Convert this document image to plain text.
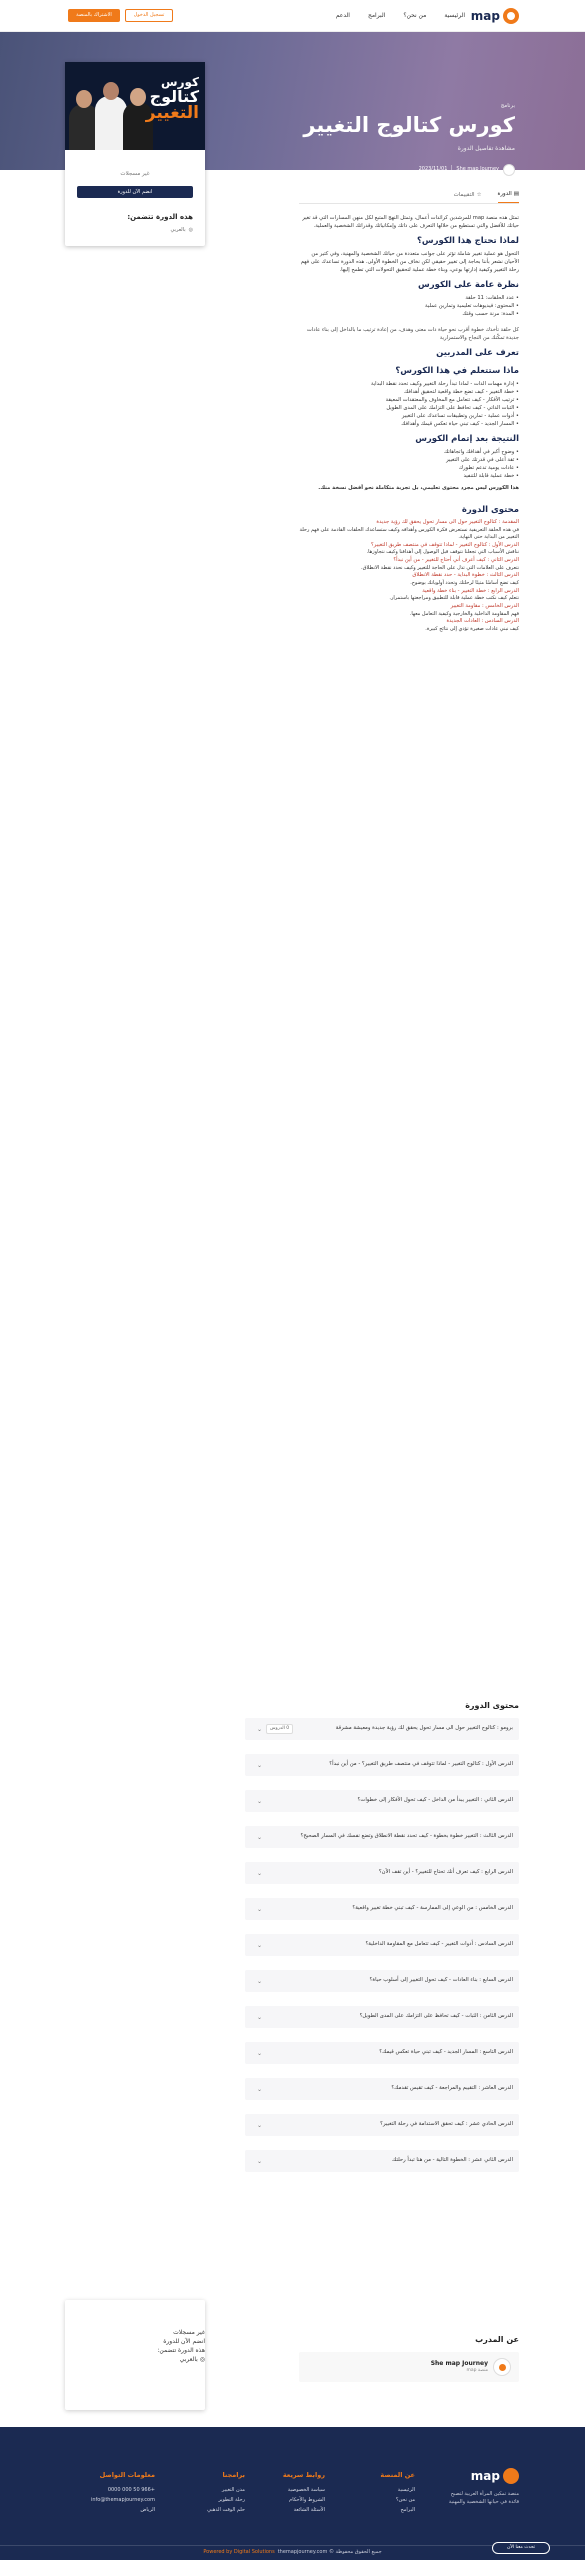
map
الرئيسية
من نحن؟
البرامج
الدعم
تسجيل الدخول
الاشتراك بالمنصة
برنامج
كورس كتالوج التغيير
مشاهدة تفاصيل الدورة
She map Journey
2023/11/01
كورس
كتالوج
التغيير
غير مسجلات
انضم الآن للدورة
هذه الدورة تتضمن:
◎
بالعربي
▤
الدورة
☆
التقييمات

تمثل هذه منصة map للمرشدين كرائدات أعمال، وتمثل النهج المتبع لكل منهن المسارات التي قد تغير حياتك للأفضل والتي تستطيع من خلالها التعرف على ذاتك وإمكانياتك وقدراتك الشخصية والعملية.

لماذا تحتاج هذا الكورس؟

التحول هو عملية تغيير شاملة تؤثر على جوانب متعددة من حياتك الشخصية والمهنية، وفي كثير من الأحيان نشعر بأننا بحاجة إلى تغيير حقيقي لكن نخاف من الخطوة الأولى. هذه الدورة تساعدك على فهم رحلة التغيير وكيفية إدارتها بوعي، وبناء خطة عملية لتحقيق التحولات التي تطمح إليها.

نظرة عامة على الكورس
• عدد الحلقات: 11 حلقة
• المحتوى: فيديوهات تعليمية وتمارين عملية
• المدة: مرنة حسب وقتك

كل حلقة تأخذك خطوة أقرب نحو حياة ذات معنى وهدف، من إعادة ترتيب ما بالداخل إلى بناء عادات جديدة تمكّنك من النجاح والاستمرارية

تعرف على المدربين
ماذا ستتعلم في هذا الكورس؟
• إدارة مهمات الذات - لماذا تبدأ رحلة التغيير وكيف تحدد نقطة البداية
• خطة التغيير - كيف تضع خطة واقعية لتحقيق أهدافك
• ترتيب الأفكار - كيف تتعامل مع المخاوف والمعتقدات المعيقة
• الثبات الذاتي - كيف تحافظ على التزامك على المدى الطويل
• أدوات عملية - تمارين وتطبيقات تساعدك على التغيير
• المسار الجديد - كيف تبني حياة تعكس قيمك وأهدافك
النتيجة بعد إتمام الكورس
• وضوح أكبر في أهدافك واتجاهاتك
• ثقة أعلى في قدرتك على التغيير
• عادات يومية تدعم تطورك
• خطة عملية قابلة للتنفيذ

هذا الكورس ليس مجرد محتوى تعليمي، بل تجربة متكاملة نحو أفضل نسخة منك.

محتوى الدورة
المقدمة : كتالوج التغيير حول الى مسار تحول يحقق لك رؤية جديدة
في هذه الحلقة التعريفية نستعرض فكرة الكورس وأهدافه وكيف ستساعدك الحلقات القادمة على فهم رحلة التغيير من البداية حتى النهاية.
الدرس الأول : كتالوج التغيير - لماذا تتوقف في منتصف طريق التغيير؟
نناقش الأسباب التي تجعلنا نتوقف قبل الوصول إلى أهدافنا وكيف نتجاوزها.
الدرس الثاني : كيف أعرف أني أحتاج للتغيير - من أين نبدأ؟
نتعرف على العلامات التي تدل على الحاجة للتغيير وكيف نحدد نقطة الانطلاق.
الدرس الثالث : خطوة البداية - حدد نقطة الانطلاق
كيف تضع أساسًا متينًا لرحلتك وتحدد أولوياتك بوضوح.
الدرس الرابع : خطة التغيير - بناء خطة واقعية
نتعلم كيف نكتب خطة عملية قابلة للتطبيق ومراجعتها باستمرار.
الدرس الخامس : مقاومة التغيير
فهم المقاومة الداخلية والخارجية وكيفية التعامل معها.
الدرس السادس : العادات الجديدة
كيف نبني عادات صغيرة تؤدي إلى نتائج كبيرة.
محتوى الدورة
برومو : كتالوج التغيير حول الى مسار تحول يحقق لك رؤية جديدة ومعيشة مشرقة
0 الدروس
⌄
الدرس الأول : كتالوج التغيير - لماذا تتوقف في منتصف طريق التغيير؟ - من أين نبدأ؟
⌄
الدرس الثاني : التغيير يبدأ من الداخل - كيف تحول الأفكار إلى خطوات؟
⌄
الدرس الثالث : التغيير خطوة بخطوة - كيف تحدد نقطة الانطلاق وتضع نفسك في المسار الصحيح؟
⌄
الدرس الرابع : كيف تعرف أنك تحتاج للتغيير؟ - أين تقف الآن؟
⌄
الدرس الخامس : من الوعي إلى الممارسة - كيف تبني خطة تغيير واقعية؟
⌄
الدرس السادس : أدوات التغيير - كيف تتعامل مع المقاومة الداخلية؟
⌄
الدرس السابع : بناء العادات - كيف تحول التغيير إلى أسلوب حياة؟
⌄
الدرس الثامن : الثبات - كيف تحافظ على التزامك على المدى الطويل؟
⌄
الدرس التاسع : المسار الجديد - كيف تبني حياة تعكس قيمك؟
⌄
الدرس العاشر : التقييم والمراجعة - كيف تقيس تقدمك؟
⌄
الدرس الحادي عشر : كيف تحقق الاستدامة في رحلة التغيير؟
⌄
الدرس الثاني عشر : الخطوة التالية - من هنا تبدأ رحلتك
⌄
غير مسجلات
انضم الآن للدورة
هذه الدورة تتضمن:
◎ بالعربي
عن المدرب
She map Journey
منصة map
map
منصة تمكين المرأة العربية لتصبح قائدة في حياتها الشخصية والمهنية
عن المنصة
الرئيسية
من نحن؟
البرامج
روابط سريعة
سياسة الخصوصية
الشروط والأحكام
الأسئلة الشائعة
برامجنا
مدن التغيير
رحلة التطوير
حلم الوقت الذهبي
معلومات التواصل
+966 50 000 0000
info@themapjourney.com
الرياض
جميع الحقوق محفوظة © themapjourney.com
Powered by Digital Solutions
تحدث معنا الآن
